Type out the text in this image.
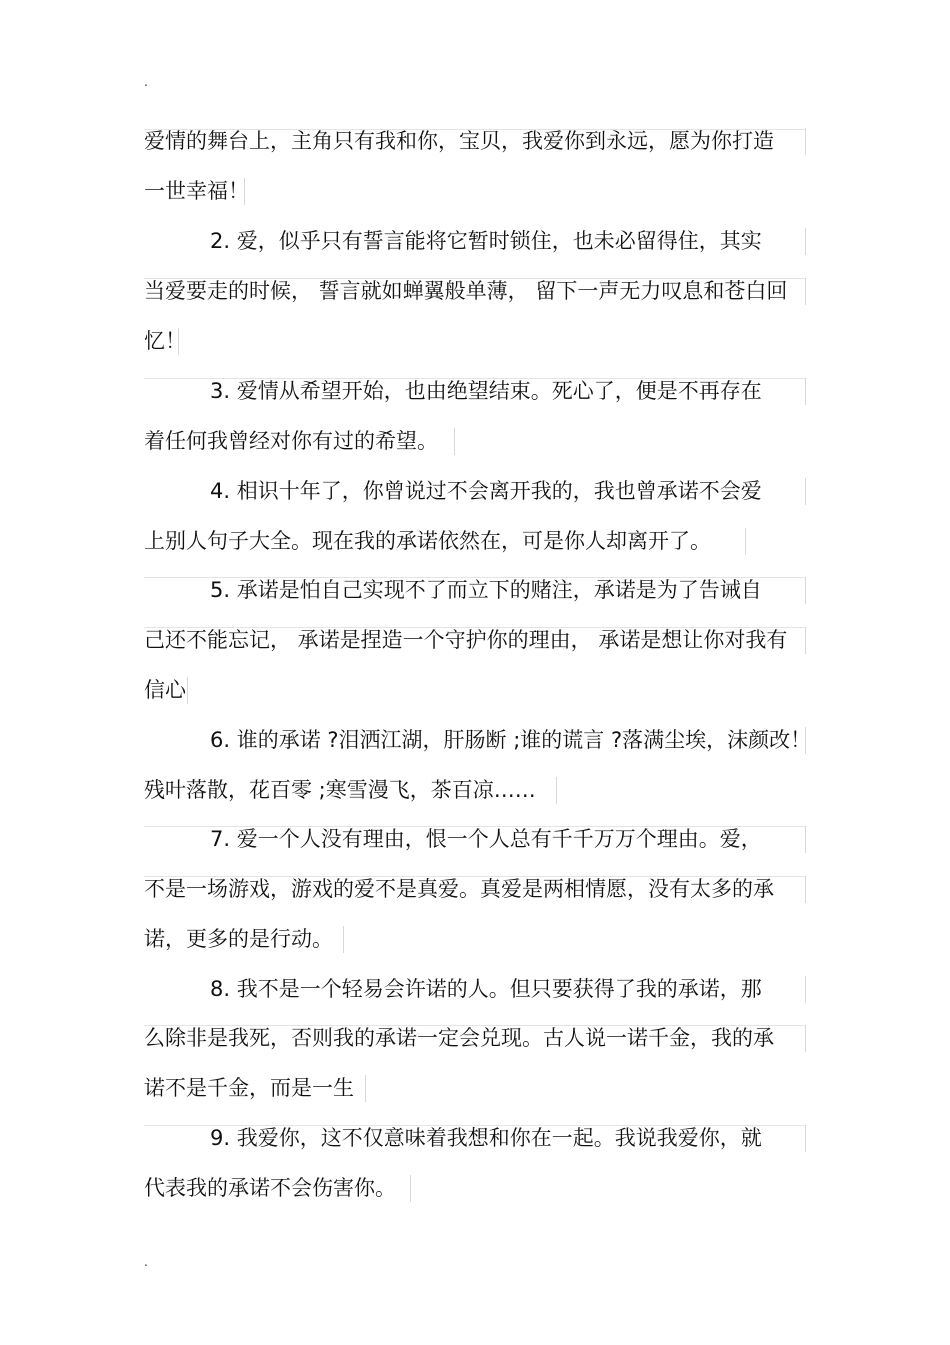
.
爱情的舞台上，主角只有我和你，宝贝，我爱你到永远，愿为你打造
一世幸福！
2. 爱，似乎只有誓言能将它暂时锁住，也未必留得住，其实
当爱要走的时候， 誓言就如蝉翼般单薄， 留下一声无力叹息和苍白回
忆！
3. 爱情从希望开始，也由绝望结束。死心了，便是不再存在
着任何我曾经对你有过的希望。
4. 相识十年了，你曾说过不会离开我的，我也曾承诺不会爱
上别人句子大全。现在我的承诺依然在，可是你人却离开了。
5. 承诺是怕自己实现不了而立下的赌注，承诺是为了告诫自
己还不能忘记， 承诺是捏造一个守护你的理由， 承诺是想让你对我有
信心
6. 谁的承诺 ?泪洒江湖，肝肠断 ;谁的谎言 ?落满尘埃，沫颜改！
残叶落散，花百零 ;寒雪漫飞，茶百凉……
7. 爱一个人没有理由，恨一个人总有千千万万个理由。爱，
不是一场游戏，游戏的爱不是真爱。真爱是两相情愿，没有太多的承
诺，更多的是行动。
8. 我不是一个轻易会许诺的人。但只要获得了我的承诺，那
么除非是我死，否则我的承诺一定会兑现。古人说一诺千金，我的承
诺不是千金，而是一生
9. 我爱你，这不仅意味着我想和你在一起。我说我爱你，就
代表我的承诺不会伤害你。
.
